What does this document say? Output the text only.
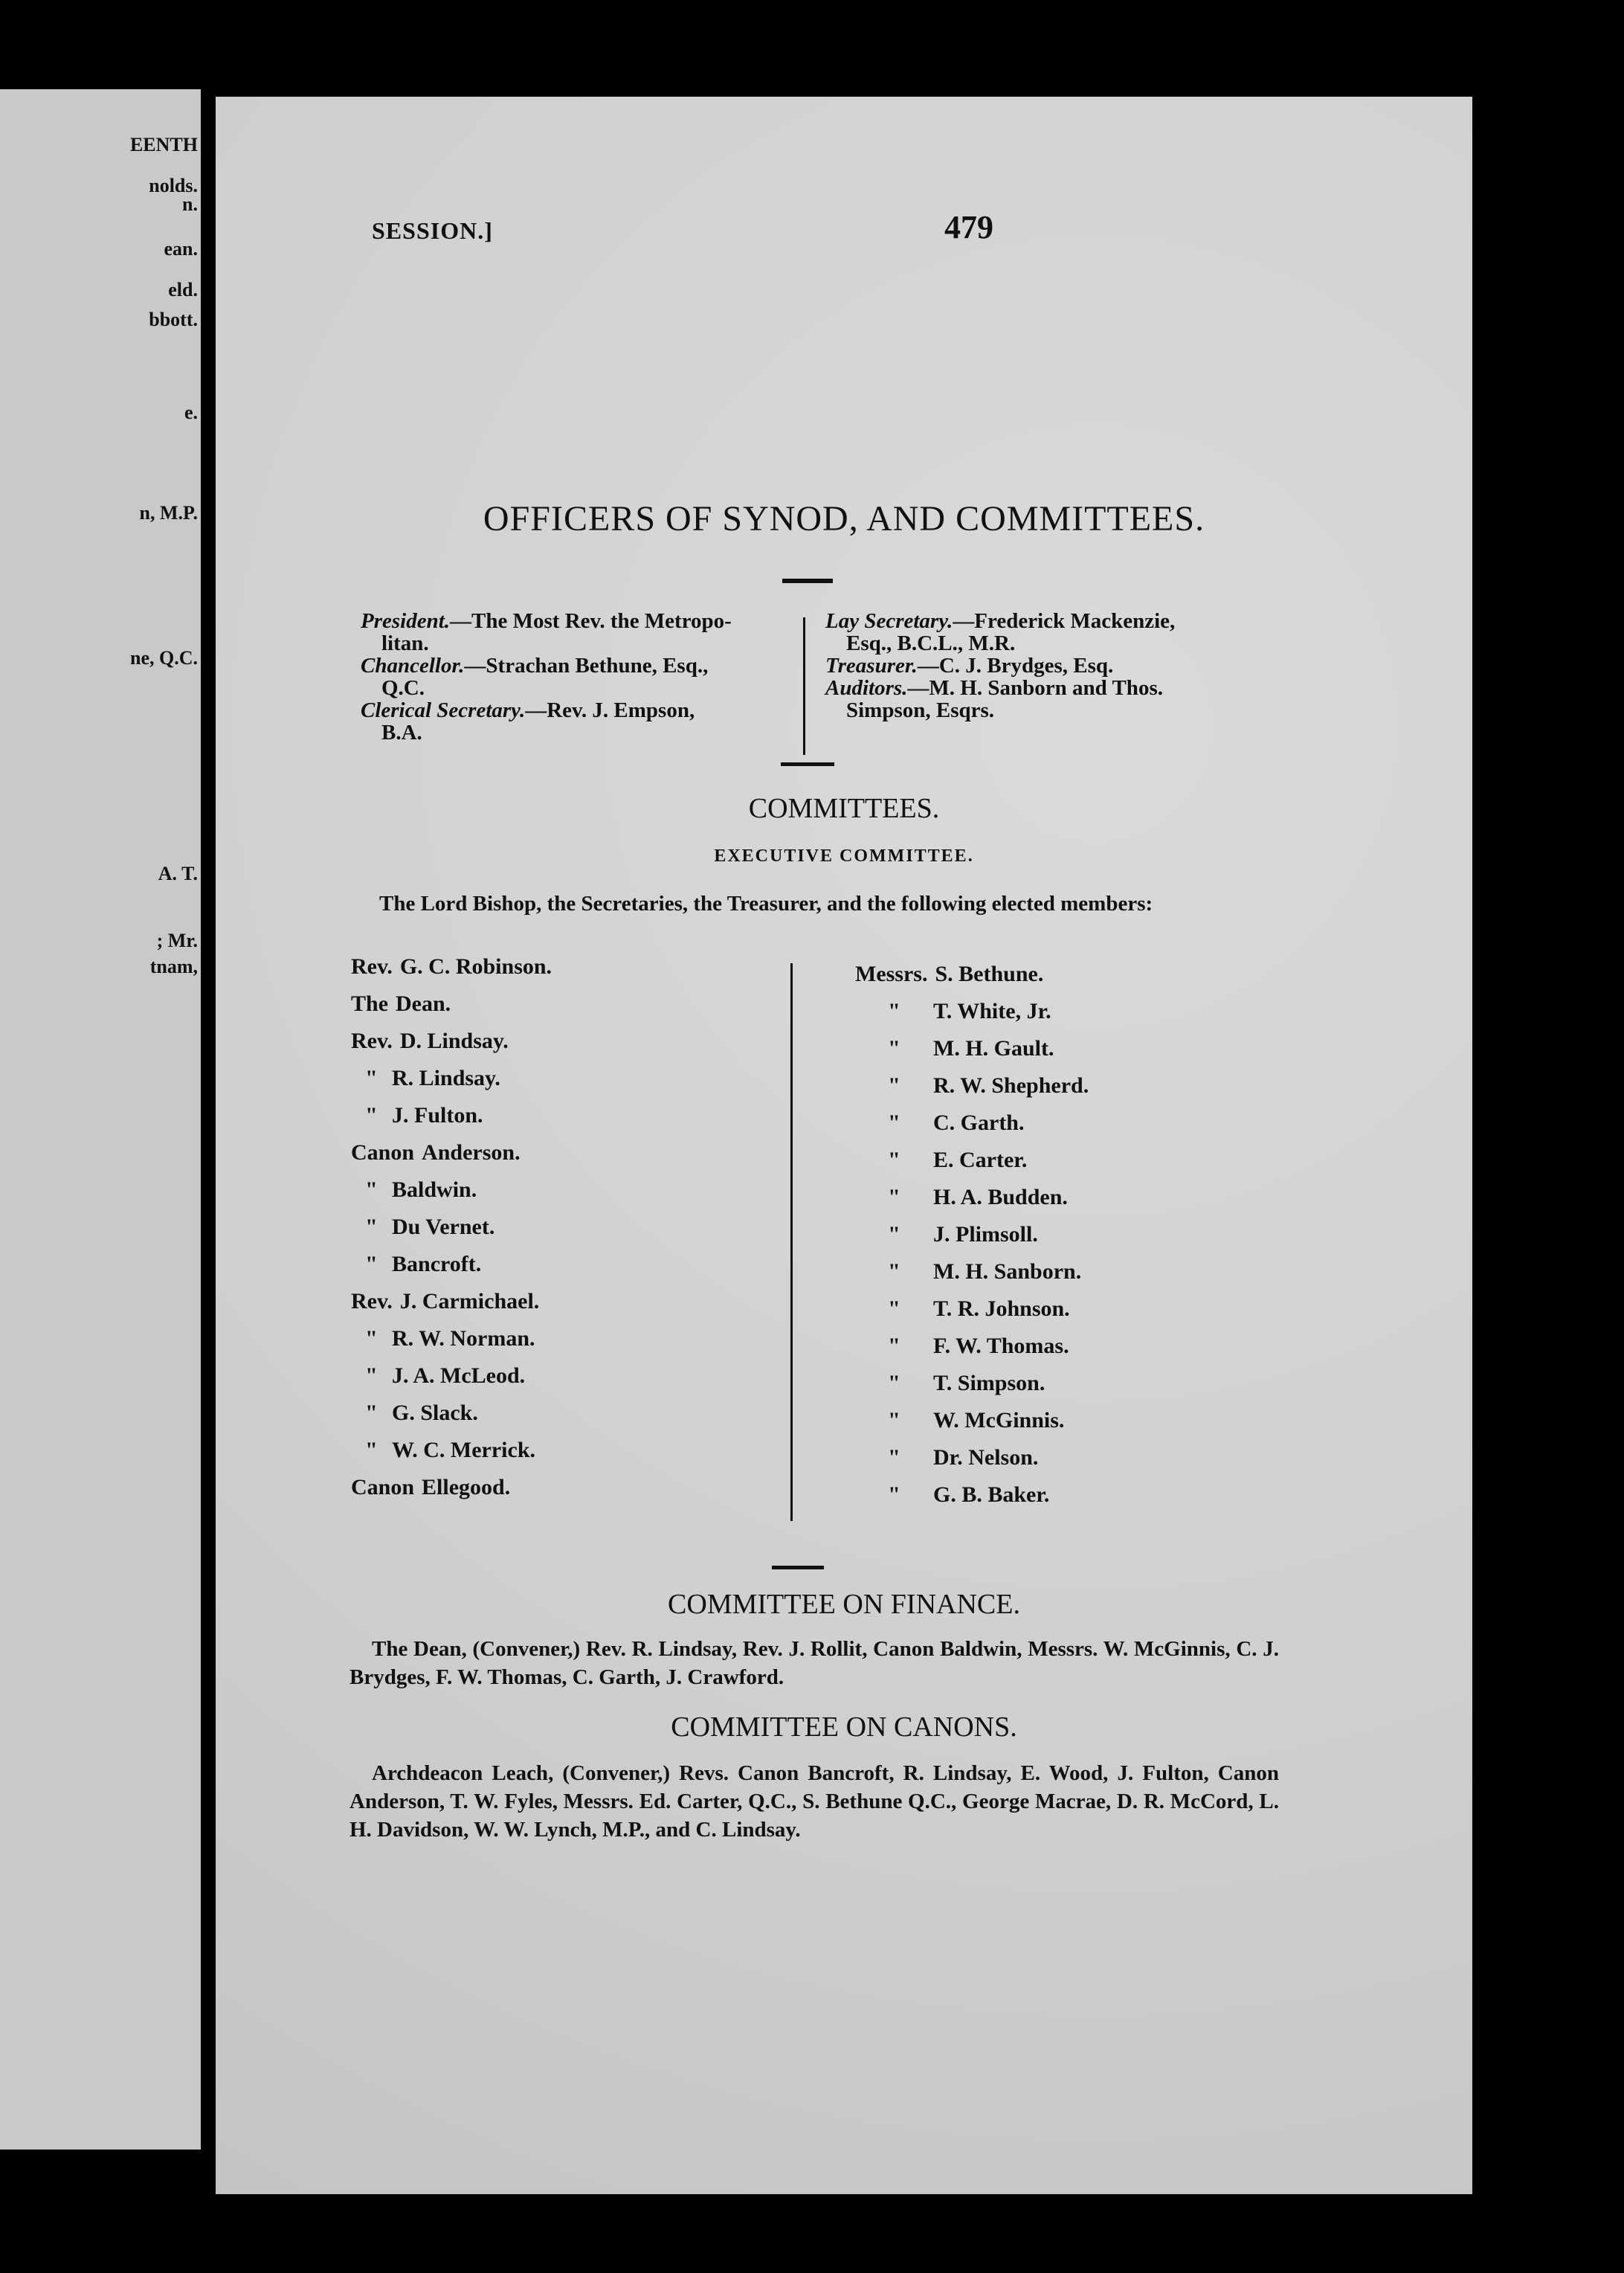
EENTH
nolds.
n.
ean.
eld.
bbott.
e.
n, M.P.
ne, Q.C.
A. T.
; Mr.
tnam,
SESSION.]	479
OFFICERS OF SYNOD, AND COMMITTEES.
President.—The Most Rev. the Metropo-
litan.
Chancellor.—Strachan Bethune, Esq.,
Q.C.
Clerical Secretary.—Rev. J. Empson,
B.A.
Lay Secretary.—Frederick Mackenzie,
Esq., B.C.L., M.R.
Treasurer.—C. J. Brydges, Esq.
Auditors.—M. H. Sanborn and Thos.
Simpson, Esqrs.
COMMITTEES.
EXECUTIVE COMMITTEE.
The Lord Bishop, the Secretaries, the Treasurer, and the following elected members:
Rev. G. C. Robinson.
The Dean.
Rev. D. Lindsay.
" R. Lindsay.
" J. Fulton.
Canon Anderson.
" Baldwin.
" Du Vernet.
" Bancroft.
Rev. J. Carmichael.
" R. W. Norman.
" J. A. McLeod.
" G. Slack.
" W. C. Merrick.
Canon Ellegood.
Messrs. S. Bethune.
" T. White, Jr.
" M. H. Gault.
" R. W. Shepherd.
" C. Garth.
" E. Carter.
" H. A. Budden.
" J. Plimsoll.
" M. H. Sanborn.
" T. R. Johnson.
" F. W. Thomas.
" T. Simpson.
" W. McGinnis.
" Dr. Nelson.
" G. B. Baker.
COMMITTEE ON FINANCE.
The Dean, (Convener,) Rev. R. Lindsay, Rev. J. Rollit, Canon Baldwin, Messrs. W. McGinnis, C. J. Brydges, F. W. Thomas, C. Garth, J. Crawford.
COMMITTEE ON CANONS.
Archdeacon Leach, (Convener,) Revs. Canon Bancroft, R. Lindsay, E. Wood, J. Fulton, Canon Anderson, T. W. Fyles, Messrs. Ed. Carter, Q.C., S. Bethune Q.C., George Macrae, D. R. McCord, L. H. Davidson, W. W. Lynch, M.P., and C. Lindsay.
